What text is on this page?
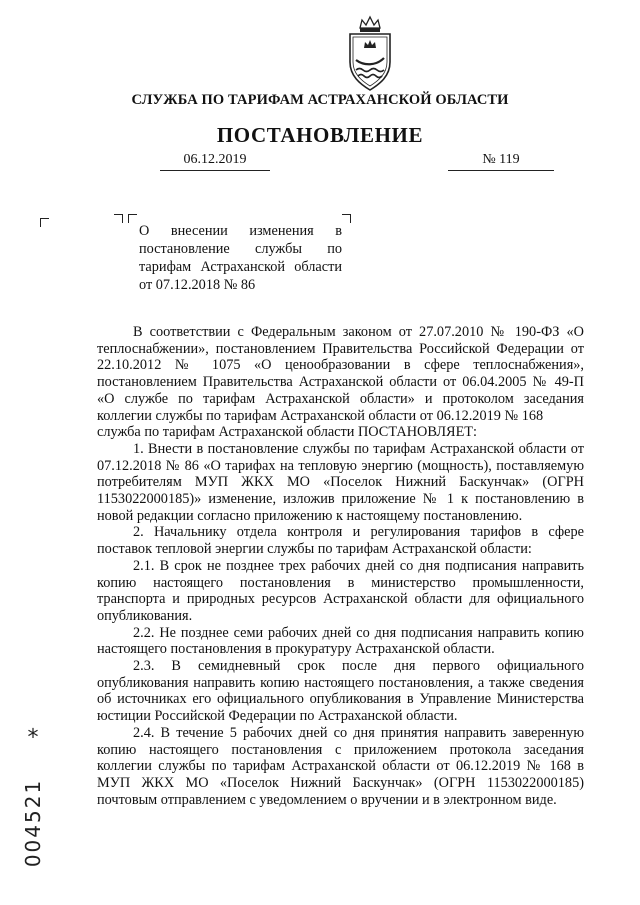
СЛУЖБА ПО ТАРИФАМ АСТРАХАНСКОЙ ОБЛАСТИ
ПОСТАНОВЛЕНИЕ
06.12.2019	№ 119
О внесении изменения в постановление службы по тарифам Астраханской области от 07.12.2018 № 86

В соответствии с Федеральным законом от 27.07.2010 № 190-ФЗ «О теплоснабжении», постановлением Правительства Российской Федерации от 22.10.2012 № 1075 «О ценообразовании в сфере теплоснабжения», постановлением Правительства Астраханской области от 06.04.2005 № 49-П «О службе по тарифам Астраханской области» и протоколом заседания коллегии службы по тарифам Астраханской области от 06.12.2019 № 168

служба по тарифам Астраханской области ПОСТАНОВЛЯЕТ:

1. Внести в постановление службы по тарифам Астраханской области от 07.12.2018 № 86 «О тарифах на тепловую энергию (мощность), поставляемую потребителям МУП ЖКХ МО «Поселок Нижний Баскунчак» (ОГРН 1153022000185)» изменение, изложив приложение № 1 к постановлению в новой редакции согласно приложению к настоящему постановлению.

2. Начальнику отдела контроля и регулирования тарифов в сфере поставок тепловой энергии службы по тарифам Астраханской области:

2.1. В срок не позднее трех рабочих дней со дня подписания направить копию настоящего постановления в министерство промышленности, транспорта и природных ресурсов Астраханской области для официального опубликования.

2.2. Не позднее семи рабочих дней со дня подписания направить копию настоящего постановления в прокуратуру Астраханской области.

2.3. В семидневный срок после дня первого официального опубликования направить копию настоящего постановления, а также сведения об источниках его официального опубликования в Управление Министерства юстиции Российской Федерации по Астраханской области.

2.4. В течение 5 рабочих дней со дня принятия направить заверенную копию настоящего постановления с приложением протокола заседания коллегии службы по тарифам Астраханской области от 06.12.2019 № 168 в МУП ЖКХ МО «Поселок Нижний Баскунчак» (ОГРН 1153022000185) почтовым отправлением с уведомлением о вручении и в электронном виде.

*
004521
